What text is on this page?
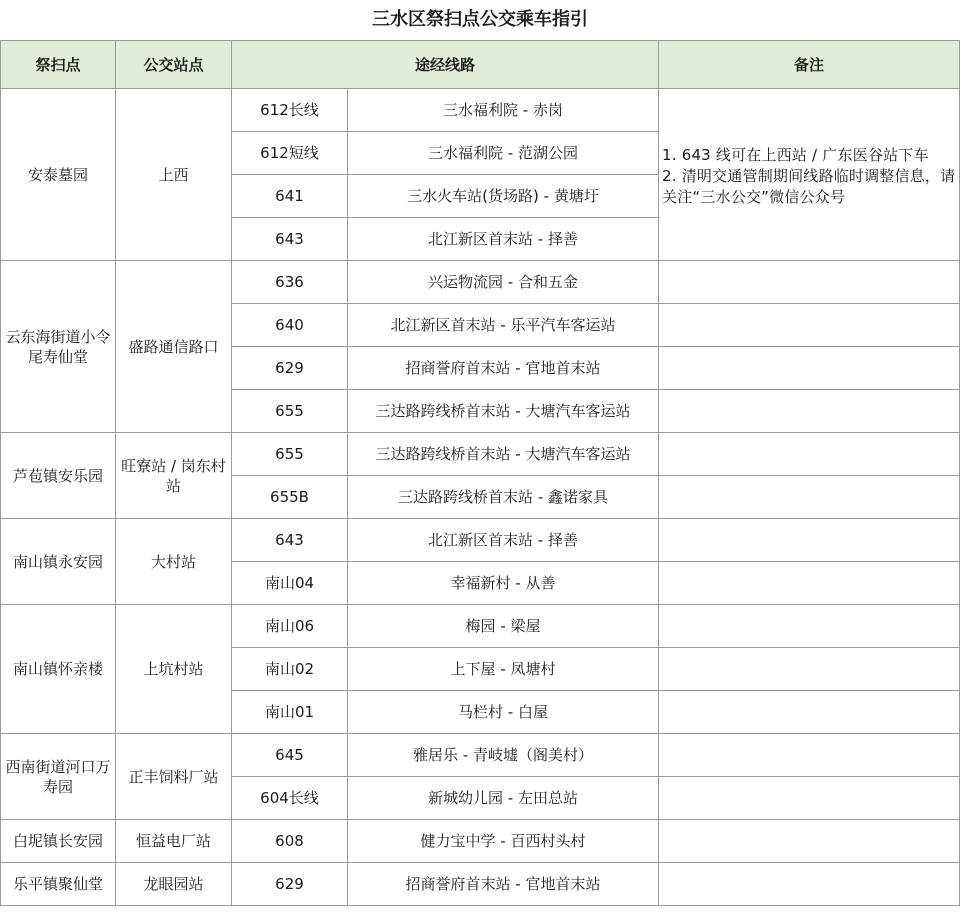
三水区祭扫点公交乘车指引
祭扫点	公交站点	途经线路		备注
安泰墓园	上西	612长线	三水福利院 - 赤岗	1. 643 线可在上西站 / 广东医谷站下车
2. 清明交通管制期间线路临时调整信息，请关注“三水公交”微信公众号

		612短线	三水福利院 - 范湖公园	
		641	三水火车站(货场路) - 黄塘圩	
		643	北江新区首末站 - 择善	
云东海街道小令尾寿仙堂	盛路通信路口	636	兴运物流园 - 合和五金	
		640	北江新区首末站 - 乐平汽车客运站	
		629	招商誉府首末站 - 官地首末站	
		655	三达路跨线桥首末站 - 大塘汽车客运站	
芦苞镇安乐园	旺寮站 / 岗东村站	655	三达路跨线桥首末站 - 大塘汽车客运站	
		655B	三达路跨线桥首末站 - 鑫诺家具	
南山镇永安园	大村站	643	北江新区首末站 - 择善	
		南山04	幸福新村 - 从善	
南山镇怀亲楼	上坑村站	南山06	梅园 - 梁屋	
		南山02	上下屋 - 凤塘村	
		南山01	马栏村 - 白屋	
西南街道河口万寿园	正丰饲料厂站	645	雅居乐 - 青岐墟（阁美村）	
		604长线	新城幼儿园 - 左田总站	
白坭镇长安园	恒益电厂站	608	健力宝中学 - 百西村头村	
乐平镇聚仙堂	龙眼园站	629	招商誉府首末站 - 官地首末站	
